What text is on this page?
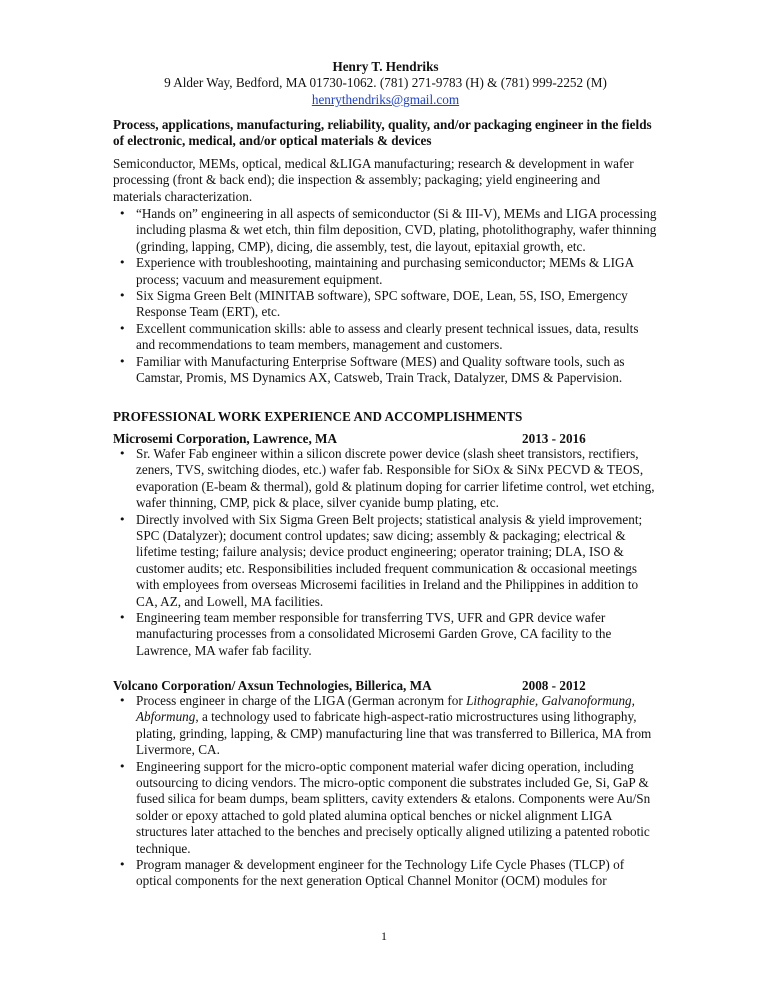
Henry T. Hendriks
9 Alder Way, Bedford, MA 01730-1062. (781) 271-9783 (H) & (781) 999-2252 (M)
henrythendriks@gmail.com
Process, applications, manufacturing, reliability, quality, and/or packaging engineer in the fields of electronic, medical, and/or optical materials & devices
Semiconductor, MEMs, optical, medical &LIGA manufacturing; research & development in wafer processing (front & back end); die inspection & assembly; packaging; yield engineering and materials characterization.
• “Hands on” engineering in all aspects of semiconductor (Si & III-V), MEMs and LIGA processing including plasma & wet etch, thin film deposition, CVD, plating, photolithography, wafer thinning (grinding, lapping, CMP), dicing, die assembly, test, die layout, epitaxial growth, etc.
• Experience with troubleshooting, maintaining and purchasing semiconductor; MEMs & LIGA process; vacuum and measurement equipment.
• Six Sigma Green Belt (MINITAB software), SPC software, DOE, Lean, 5S, ISO, Emergency Response Team (ERT), etc.
• Excellent communication skills: able to assess and clearly present technical issues, data, results and recommendations to team members, management and customers.
• Familiar with Manufacturing Enterprise Software (MES) and Quality software tools, such as Camstar, Promis, MS Dynamics AX, Catsweb, Train Track, Datalyzer, DMS & Papervision.
PROFESSIONAL WORK EXPERIENCE AND ACCOMPLISHMENTS
Microsemi Corporation, Lawrence, MA	2013 - 2016
• Sr. Wafer Fab engineer within a silicon discrete power device (slash sheet transistors, rectifiers, zeners, TVS, switching diodes, etc.) wafer fab. Responsible for SiOx & SiNx PECVD & TEOS, evaporation (E-beam & thermal), gold & platinum doping for carrier lifetime control, wet etching, wafer thinning, CMP, pick & place, silver cyanide bump plating, etc.
• Directly involved with Six Sigma Green Belt projects; statistical analysis & yield improvement; SPC (Datalyzer); document control updates; saw dicing; assembly & packaging; electrical & lifetime testing; failure analysis; device product engineering; operator training; DLA, ISO & customer audits; etc. Responsibilities included frequent communication & occasional meetings with employees from overseas Microsemi facilities in Ireland and the Philippines in addition to CA, AZ, and Lowell, MA facilities.
• Engineering team member responsible for transferring TVS, UFR and GPR device wafer manufacturing processes from a consolidated Microsemi Garden Grove, CA facility to the Lawrence, MA wafer fab facility.
Volcano Corporation/ Axsun Technologies, Billerica, MA	2008 - 2012
• Process engineer in charge of the LIGA (German acronym for Lithographie, Galvanoformung, Abformung, a technology used to fabricate high-aspect-ratio microstructures using lithography, plating, grinding, lapping, & CMP) manufacturing line that was transferred to Billerica, MA from Livermore, CA.
• Engineering support for the micro-optic component material wafer dicing operation, including outsourcing to dicing vendors. The micro-optic component die substrates included Ge, Si, GaP & fused silica for beam dumps, beam splitters, cavity extenders & etalons. Components were Au/Sn solder or epoxy attached to gold plated alumina optical benches or nickel alignment LIGA structures later attached to the benches and precisely optically aligned utilizing a patented robotic technique.
• Program manager & development engineer for the Technology Life Cycle Phases (TLCP) of optical components for the next generation Optical Channel Monitor (OCM) modules for
1
